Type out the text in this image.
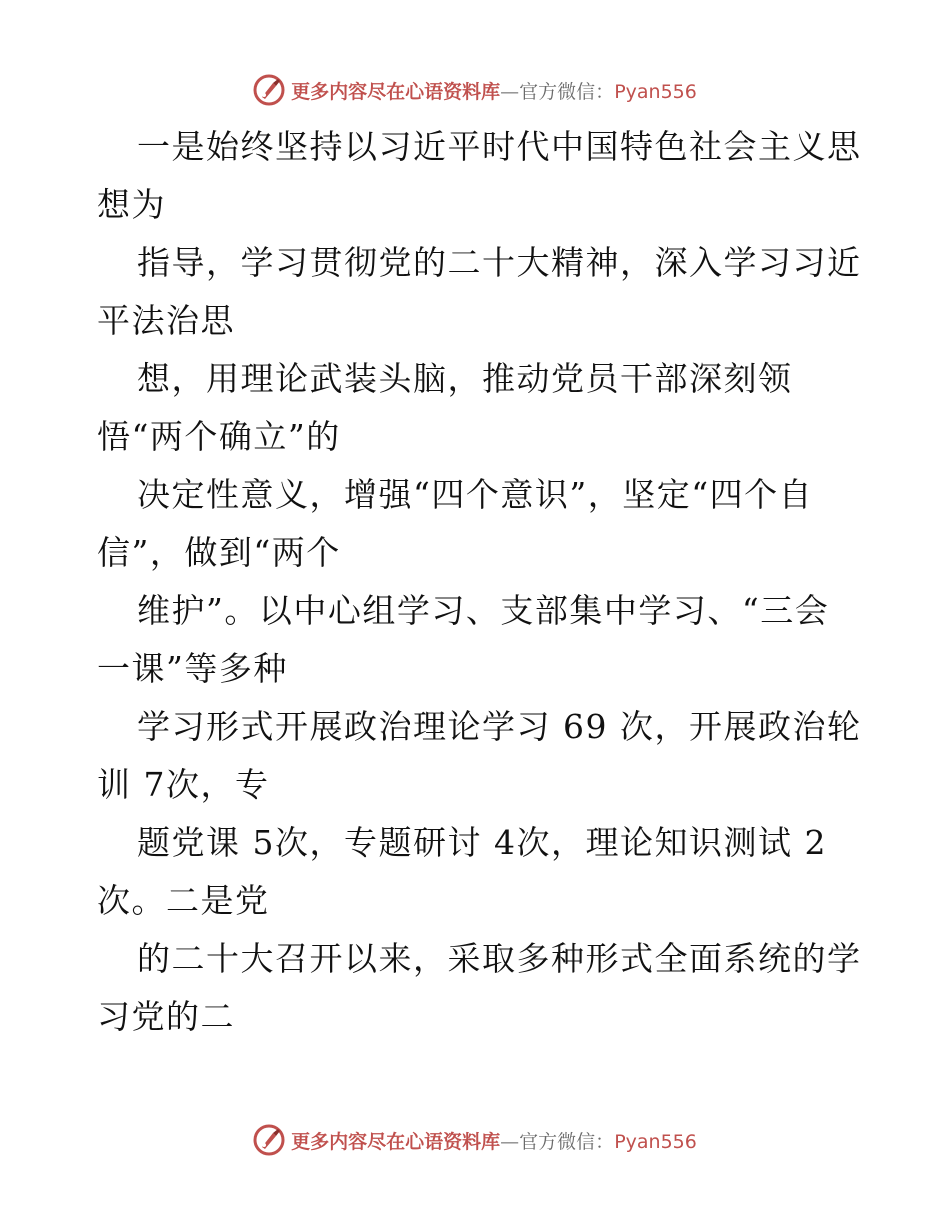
更多内容尽在心语资料库—官方微信：Pyan556
一是始终坚持以习近平时代中国特色社会主义思
想为
指导，学习贯彻党的二十大精神，深入学习习近
平法治思
想，用理论武装头脑，推动党员干部深刻领
悟“两个确立”的
决定性意义，增强“四个意识”，坚定“四个自
信”，做到“两个
维护”。以中心组学习、支部集中学习、“三会
一课”等多种
学习形式开展政治理论学习 69 次，开展政治轮
训 7次，专
题党课 5次，专题研讨 4次，理论知识测试 2
次。二是党
的二十大召开以来，采取多种形式全面系统的学
习党的二
更多内容尽在心语资料库—官方微信：Pyan556
